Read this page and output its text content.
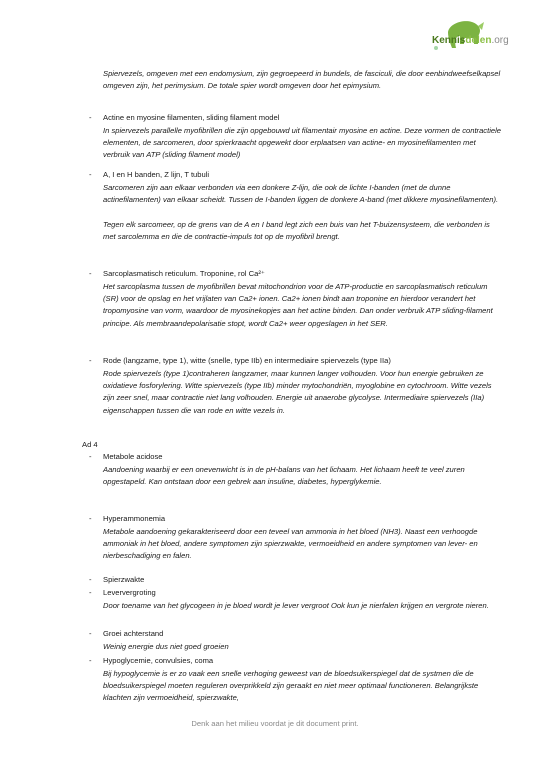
Kennisdelen.org
Spiervezels, omgeven met een endomysium, zijn gegroepeerd in bundels, de fasciculi, die door eenbindweefselkapsel omgeven zijn, het perimysium. De totale spier wordt omgeven door het epimysium.
- Actine en myosine filamenten, sliding filament model
In spiervezels parallelle myofibrillen die zijn opgebouwd uit filamentair myosine en actine. Deze vormen de contractiele elementen, de sarcomeren, door spierkraacht opgewekt door erplaatsen van actine- en myosinefilamenten met verbruik van ATP (sliding filament model)
- A, I en H banden, Z lijn, T tubuli
Sarcomeren zijn aan elkaar verbonden via een donkere Z-lijn, die ook de lichte I-banden (met de dunne actinefilamenten) van elkaar scheidt. Tussen de I-banden liggen de donkere A-band (met dikkere myosinefilamenten).
Tegen elk sarcomeer, op de grens van de A en I band legt zich een buis van het T-buizensysteem, die verbonden is met sarcolemma en die de contractie-impuls tot op de myofibril brengt.
- Sarcoplasmatisch reticulum. Troponine, rol Ca²⁺
Het sarcoplasma tussen de myofibrillen bevat mitochondrion voor de ATP-productie en sarcoplasmatisch reticulum (SR) voor de opslag en het vrijlaten van Ca2+ ionen. Ca2+ ionen bindt aan troponine en hierdoor verandert het tropomyosine van vorm, waardoor de myosinekopjes aan het actine binden. Dan onder verbruik ATP sliding-filament principe. Als membraandepolarisatie stopt, wordt Ca2+ weer opgeslagen in het SER.
- Rode (langzame, type 1), witte (snelle, type IIb) en intermediaire spiervezels (type IIa)
Rode spiervezels (type 1)contraheren langzamer, maar kunnen langer volhouden. Voor hun energie gebruiken ze oxidatieve fosforylering. Witte spiervezels (type IIb) minder mytochondriën, myoglobine en cytochroom. Witte vezels zijn zeer snel, maar contractie niet lang volhouden. Energie uit anaerobe glycolyse. Intermediaire spiervezels (IIa) eigenschappen tussen die van rode en witte vezels in.
Ad 4
- Metabole acidose
Aandoening waarbij er een onevenwicht is in de pH-balans van het lichaam. Het lichaam heeft te veel zuren opgestapeld. Kan ontstaan door een gebrek aan insuline, diabetes, hyperglykemie.
- Hyperammonemia
Metabole aandoening gekarakteriseerd door een teveel van ammonia in het bloed (NH3). Naast een verhoogde ammoniak in het bloed, andere symptomen zijn spierzwakte, vermoeidheid en andere symptomen van lever- en nierbeschadiging en falen.
- Spierzwakte
- Leververgroting
Door toename van het glycogeen in je bloed wordt je lever vergroot Ook kun je nierfalen krijgen en vergrote nieren.
- Groei achterstand
Weinig energie dus niet goed groeien
- Hypoglycemie, convulsies, coma
Bij hypoglycemie is er zo vaak een snelle verhoging geweest van de bloedsuikerspiegel dat de systmen die de bloedsuikerspiegel moeten reguleren overprikkeld zijn geraakt en niet meer optimaal functioneren. Belangrijkste klachten zijn vermoeidheid, spierzwakte,
Denk aan het milieu voordat je dit document print.
